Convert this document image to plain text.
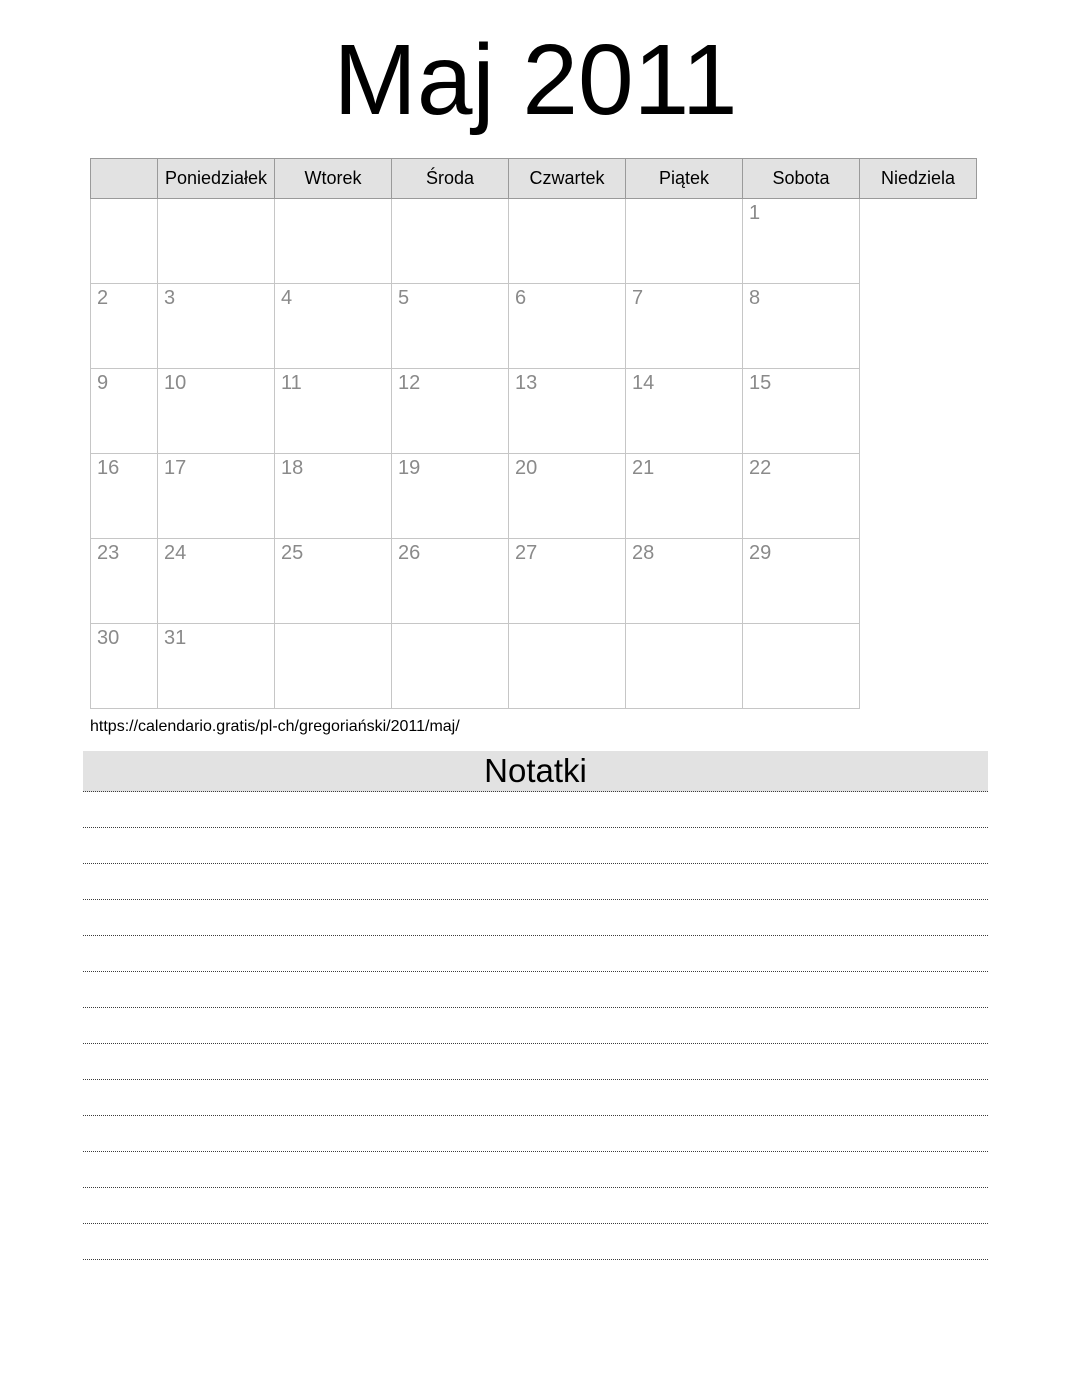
Maj 2011
	Poniedziałek	Wtorek	Środa	Czwartek	Piątek	Sobota	Niedziela
						1	
2	3	4	5	6	7	8	
9	10	11	12	13	14	15	
16	17	18	19	20	21	22	
23	24	25	26	27	28	29	
30	31						
https://calendario.gratis/pl-ch/gregoriański/2011/maj/
Notatki
